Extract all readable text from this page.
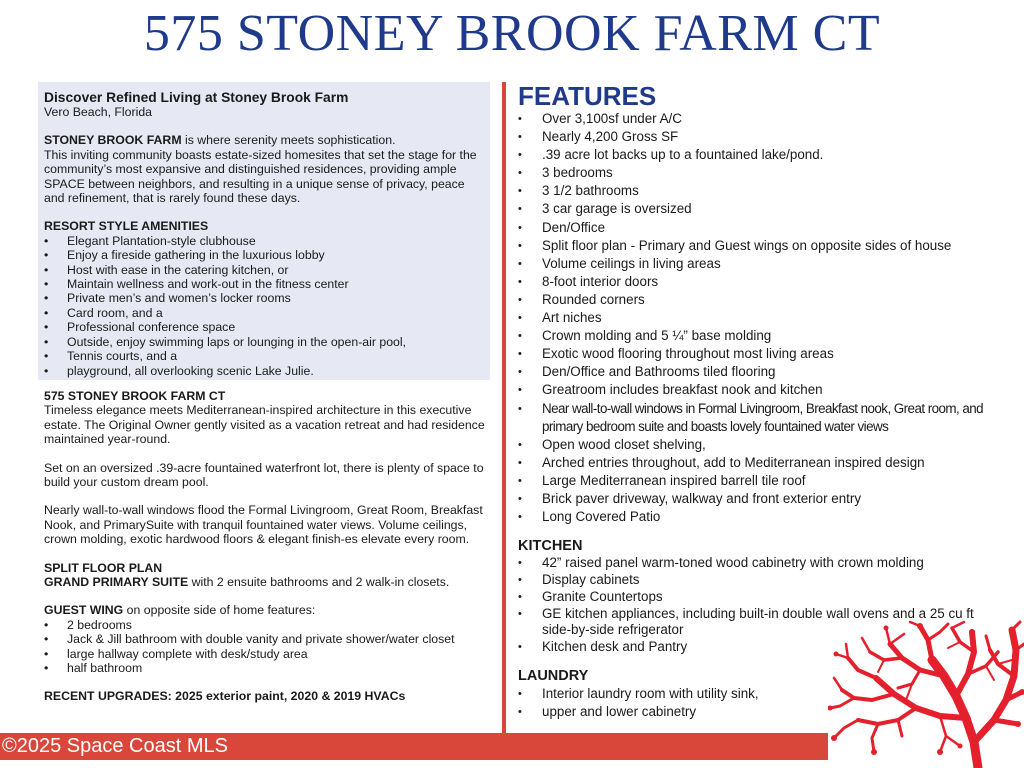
575 STONEY BROOK FARM CT
Discover Refined Living at Stoney Brook Farm

Vero Beach, Florida

STONEY BROOK FARM is where serenity meets sophistication.

This inviting community boasts estate-sized homesites that set the stage for the community’s most expansive and distinguished residences, providing ample SPACE between neighbors, and resulting in a unique sense of privacy, peace and refinement, that is rarely found these days.

RESORT STYLE AMENITIES
• Elegant Plantation-style clubhouse
• Enjoy a fireside gathering in the luxurious lobby
• Host with ease in the catering kitchen, or
• Maintain wellness and work-out in the fitness center
• Private men’s and women’s locker rooms
• Card room, and a
• Professional conference space
• Outside, enjoy swimming laps or lounging in the open-air pool,
• Tennis courts, and a
• playground, all overlooking scenic Lake Julie.
575 STONEY BROOK FARM CT

Timeless elegance meets Mediterranean-inspired architecture in this executive estate. The Original Owner gently visited as a vacation retreat and had residence maintained year-round.

Set on an oversized .39-acre fountained waterfront lot, there is plenty of space to build your custom dream pool.

Nearly wall-to-wall windows flood the Formal Livingroom, Great Room, Breakfast Nook, and PrimarySuite with tranquil fountained water views. Volume ceilings, crown molding, exotic hardwood floors & elegant finish-es elevate every room.

SPLIT FLOOR PLAN

GRAND PRIMARY SUITE with 2 ensuite bathrooms and 2 walk-in closets.

GUEST WING on opposite side of home features:

• 2 bedrooms
• Jack & Jill bathroom with double vanity and private shower/water closet
• large hallway complete with desk/study area
• half bathroom
RECENT UPGRADES: 2025 exterior paint, 2020 & 2019 HVACs
FEATURES
• Over 3,100sf under A/C
• Nearly 4,200 Gross SF
• .39 acre lot backs up to a fountained lake/pond.
• 3 bedrooms
• 3 1/2 bathrooms
• 3 car garage is oversized
• Den/Office
• Split floor plan - Primary and Guest wings on opposite sides of house
• Volume ceilings in living areas
• 8-foot interior doors
• Rounded corners
• Art niches
• Crown molding and 5 ¼” base molding
• Exotic wood flooring throughout most living areas
• Den/Office and Bathrooms tiled flooring
• Greatroom includes breakfast nook and kitchen
• Near wall-to-wall windows in Formal Livingroom, Breakfast nook, Great room, and primary bedroom suite and boasts lovely fountained water views
• Open wood closet shelving,
• Arched entries throughout, add to Mediterranean inspired design
• Large Mediterranean inspired barrell tile roof
• Brick paver driveway, walkway and front exterior entry
• Long Covered Patio
KITCHEN
• 42” raised panel warm-toned wood cabinetry with crown molding
• Display cabinets
• Granite Countertops
• GE kitchen appliances, including built-in double wall ovens and a 25 cu ft side-by-side refrigerator
• Kitchen desk and Pantry
LAUNDRY
• Interior laundry room with utility sink,
• upper and lower cabinetry
©2025 Space Coast MLS
